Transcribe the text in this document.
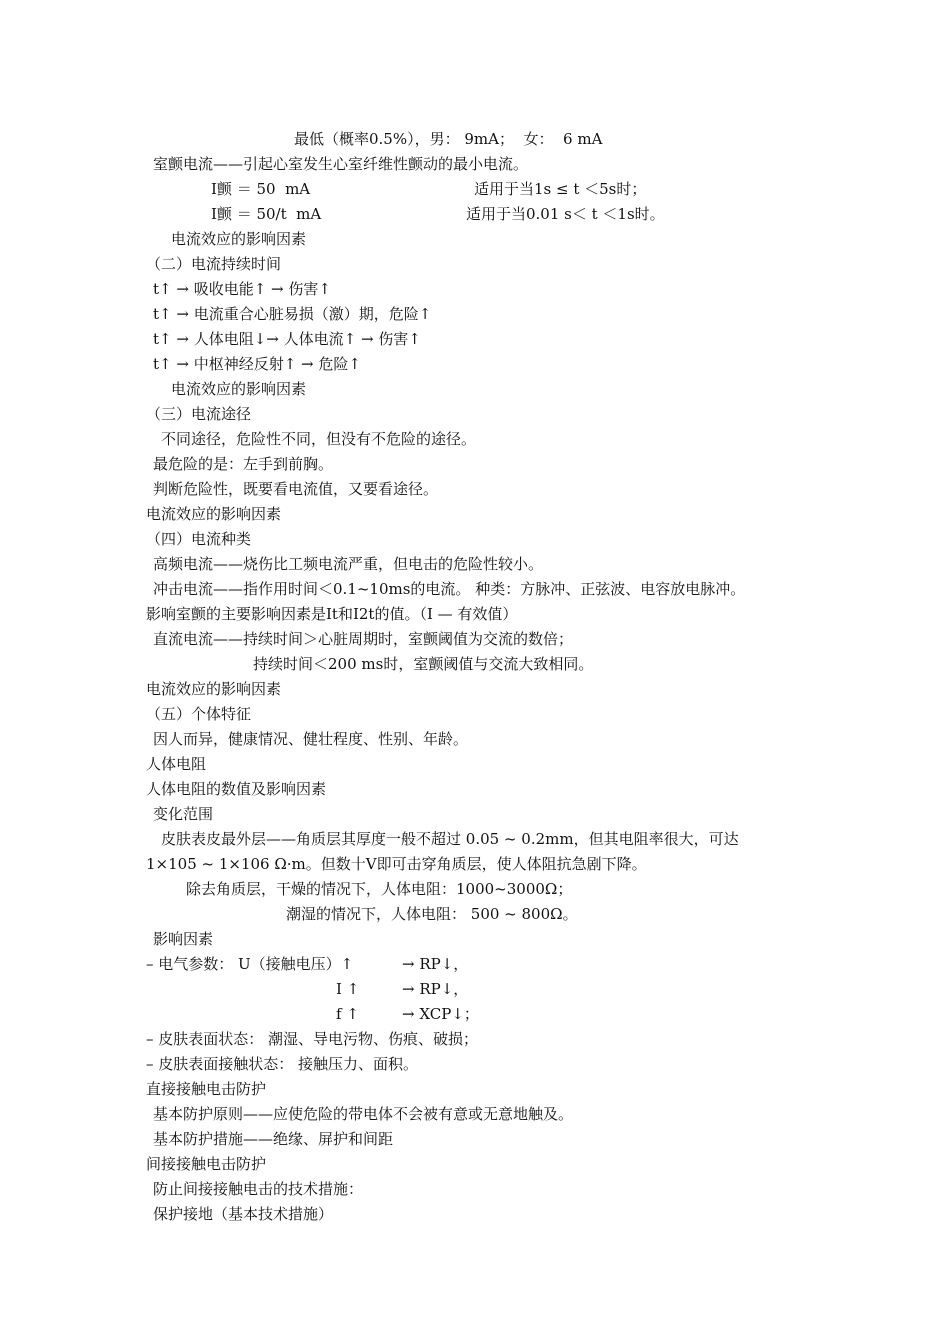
最低（概率0.5%），男： 9mA；  女：  6 mA
室颤电流——引起心室发生心室纤维性颤动的最小电流。
I颤 ＝ 50  mA	适用于当1s ≤ t ＜5s时；
I颤 ＝ 50/t  mA	适用于当0.01 s＜ t ＜1s时。
电流效应的影响因素
（二）电流持续时间
t↑ → 吸收电能↑ → 伤害↑
t↑ → 电流重合心脏易损（激）期，危险↑
t↑ → 人体电阻↓→ 人体电流↑ → 伤害↑
t↑ → 中枢神经反射↑ → 危险↑
电流效应的影响因素
（三）电流途径
不同途径，危险性不同，但没有不危险的途径。
最危险的是：左手到前胸。
判断危险性，既要看电流值，又要看途径。
电流效应的影响因素
（四）电流种类
高频电流——烧伤比工频电流严重，但电击的危险性较小。
冲击电流——指作用时间＜0.1~10ms的电流。 种类：方脉冲、正弦波、电容放电脉冲。
影响室颤的主要影响因素是It和I2t的值。（I — 有效值）
直流电流——持续时间＞心脏周期时，室颤阈值为交流的数倍；
持续时间＜200 ms时，室颤阈值与交流大致相同。
电流效应的影响因素
（五）个体特征
因人而异，健康情况、健壮程度、性别、年龄。
人体电阻
人体电阻的数值及影响因素
变化范围
皮肤表皮最外层——角质层其厚度一般不超过 0.05 ~ 0.2mm，但其电阻率很大，可达
1×105 ~ 1×106 Ω·m。但数十V即可击穿角质层，使人体阻抗急剧下降。
除去角质层，干燥的情况下，人体电阻：1000~3000Ω；
潮湿的情况下，人体电阻： 500 ~ 800Ω。
影响因素
– 电气参数： U（接触电压）↑	→ RP↓，
I ↑	→ RP↓，
f ↑	→ XCP↓；
– 皮肤表面状态： 潮湿、导电污物、伤痕、破损；
– 皮肤表面接触状态： 接触压力、面积。
直接接触电击防护
基本防护原则——应使危险的带电体不会被有意或无意地触及。
基本防护措施——绝缘、屏护和间距
间接接触电击防护
防止间接接触电击的技术措施：
保护接地（基本技术措施）
